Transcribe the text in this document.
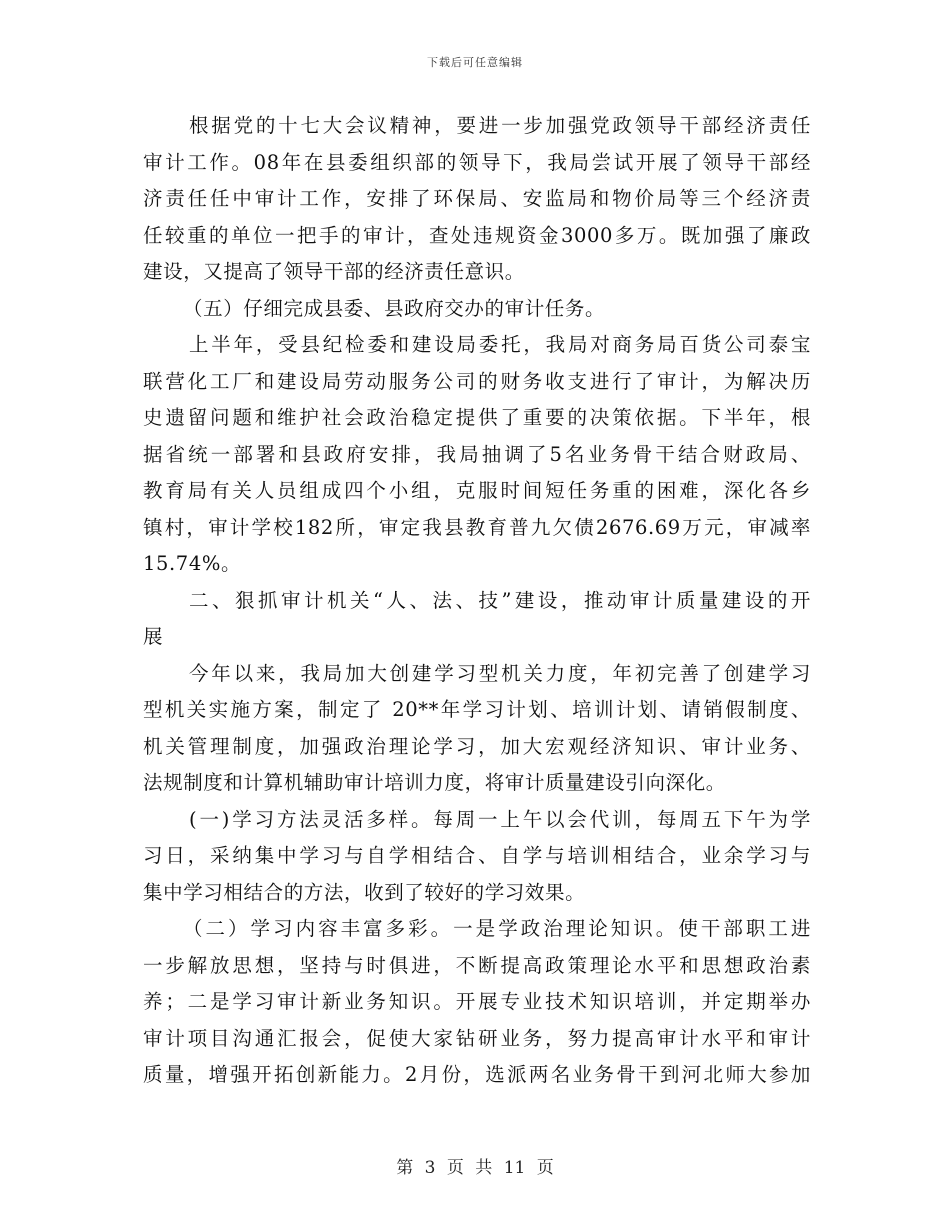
下载后可任意编辑
根据党的十七大会议精神，要进一步加强党政领导干部经济责任
审计工作。08年在县委组织部的领导下，我局尝试开展了领导干部经
济责任任中审计工作，安排了环保局、安监局和物价局等三个经济责
任较重的单位一把手的审计，查处违规资金3000多万。既加强了廉政
建设，又提高了领导干部的经济责任意识。
（五）仔细完成县委、县政府交办的审计任务。
上半年，受县纪检委和建设局委托，我局对商务局百货公司泰宝
联营化工厂和建设局劳动服务公司的财务收支进行了审计，为解决历
史遗留问题和维护社会政治稳定提供了重要的决策依据。下半年，根
据省统一部署和县政府安排，我局抽调了5名业务骨干结合财政局、
教育局有关人员组成四个小组，克服时间短任务重的困难，深化各乡
镇村，审计学校182所，审定我县教育普九欠债2676.69万元，审减率
15.74%。
二、狠抓审计机关“人、法、技”建设，推动审计质量建设的开
展
今年以来，我局加大创建学习型机关力度，年初完善了创建学习
型机关实施方案，制定了 20**年学习计划、培训计划、请销假制度、
机关管理制度，加强政治理论学习，加大宏观经济知识、审计业务、
法规制度和计算机辅助审计培训力度，将审计质量建设引向深化。
(一)学习方法灵活多样。每周一上午以会代训，每周五下午为学
习日，采纳集中学习与自学相结合、自学与培训相结合，业余学习与
集中学习相结合的方法，收到了较好的学习效果。
（二）学习内容丰富多彩。一是学政治理论知识。使干部职工进
一步解放思想，坚持与时俱进，不断提高政策理论水平和思想政治素
养；二是学习审计新业务知识。开展专业技术知识培训，并定期举办
审计项目沟通汇报会，促使大家钻研业务，努力提高审计水平和审计
质量，增强开拓创新能力。2月份，选派两名业务骨干到河北师大参加
第 3 页 共 11 页
